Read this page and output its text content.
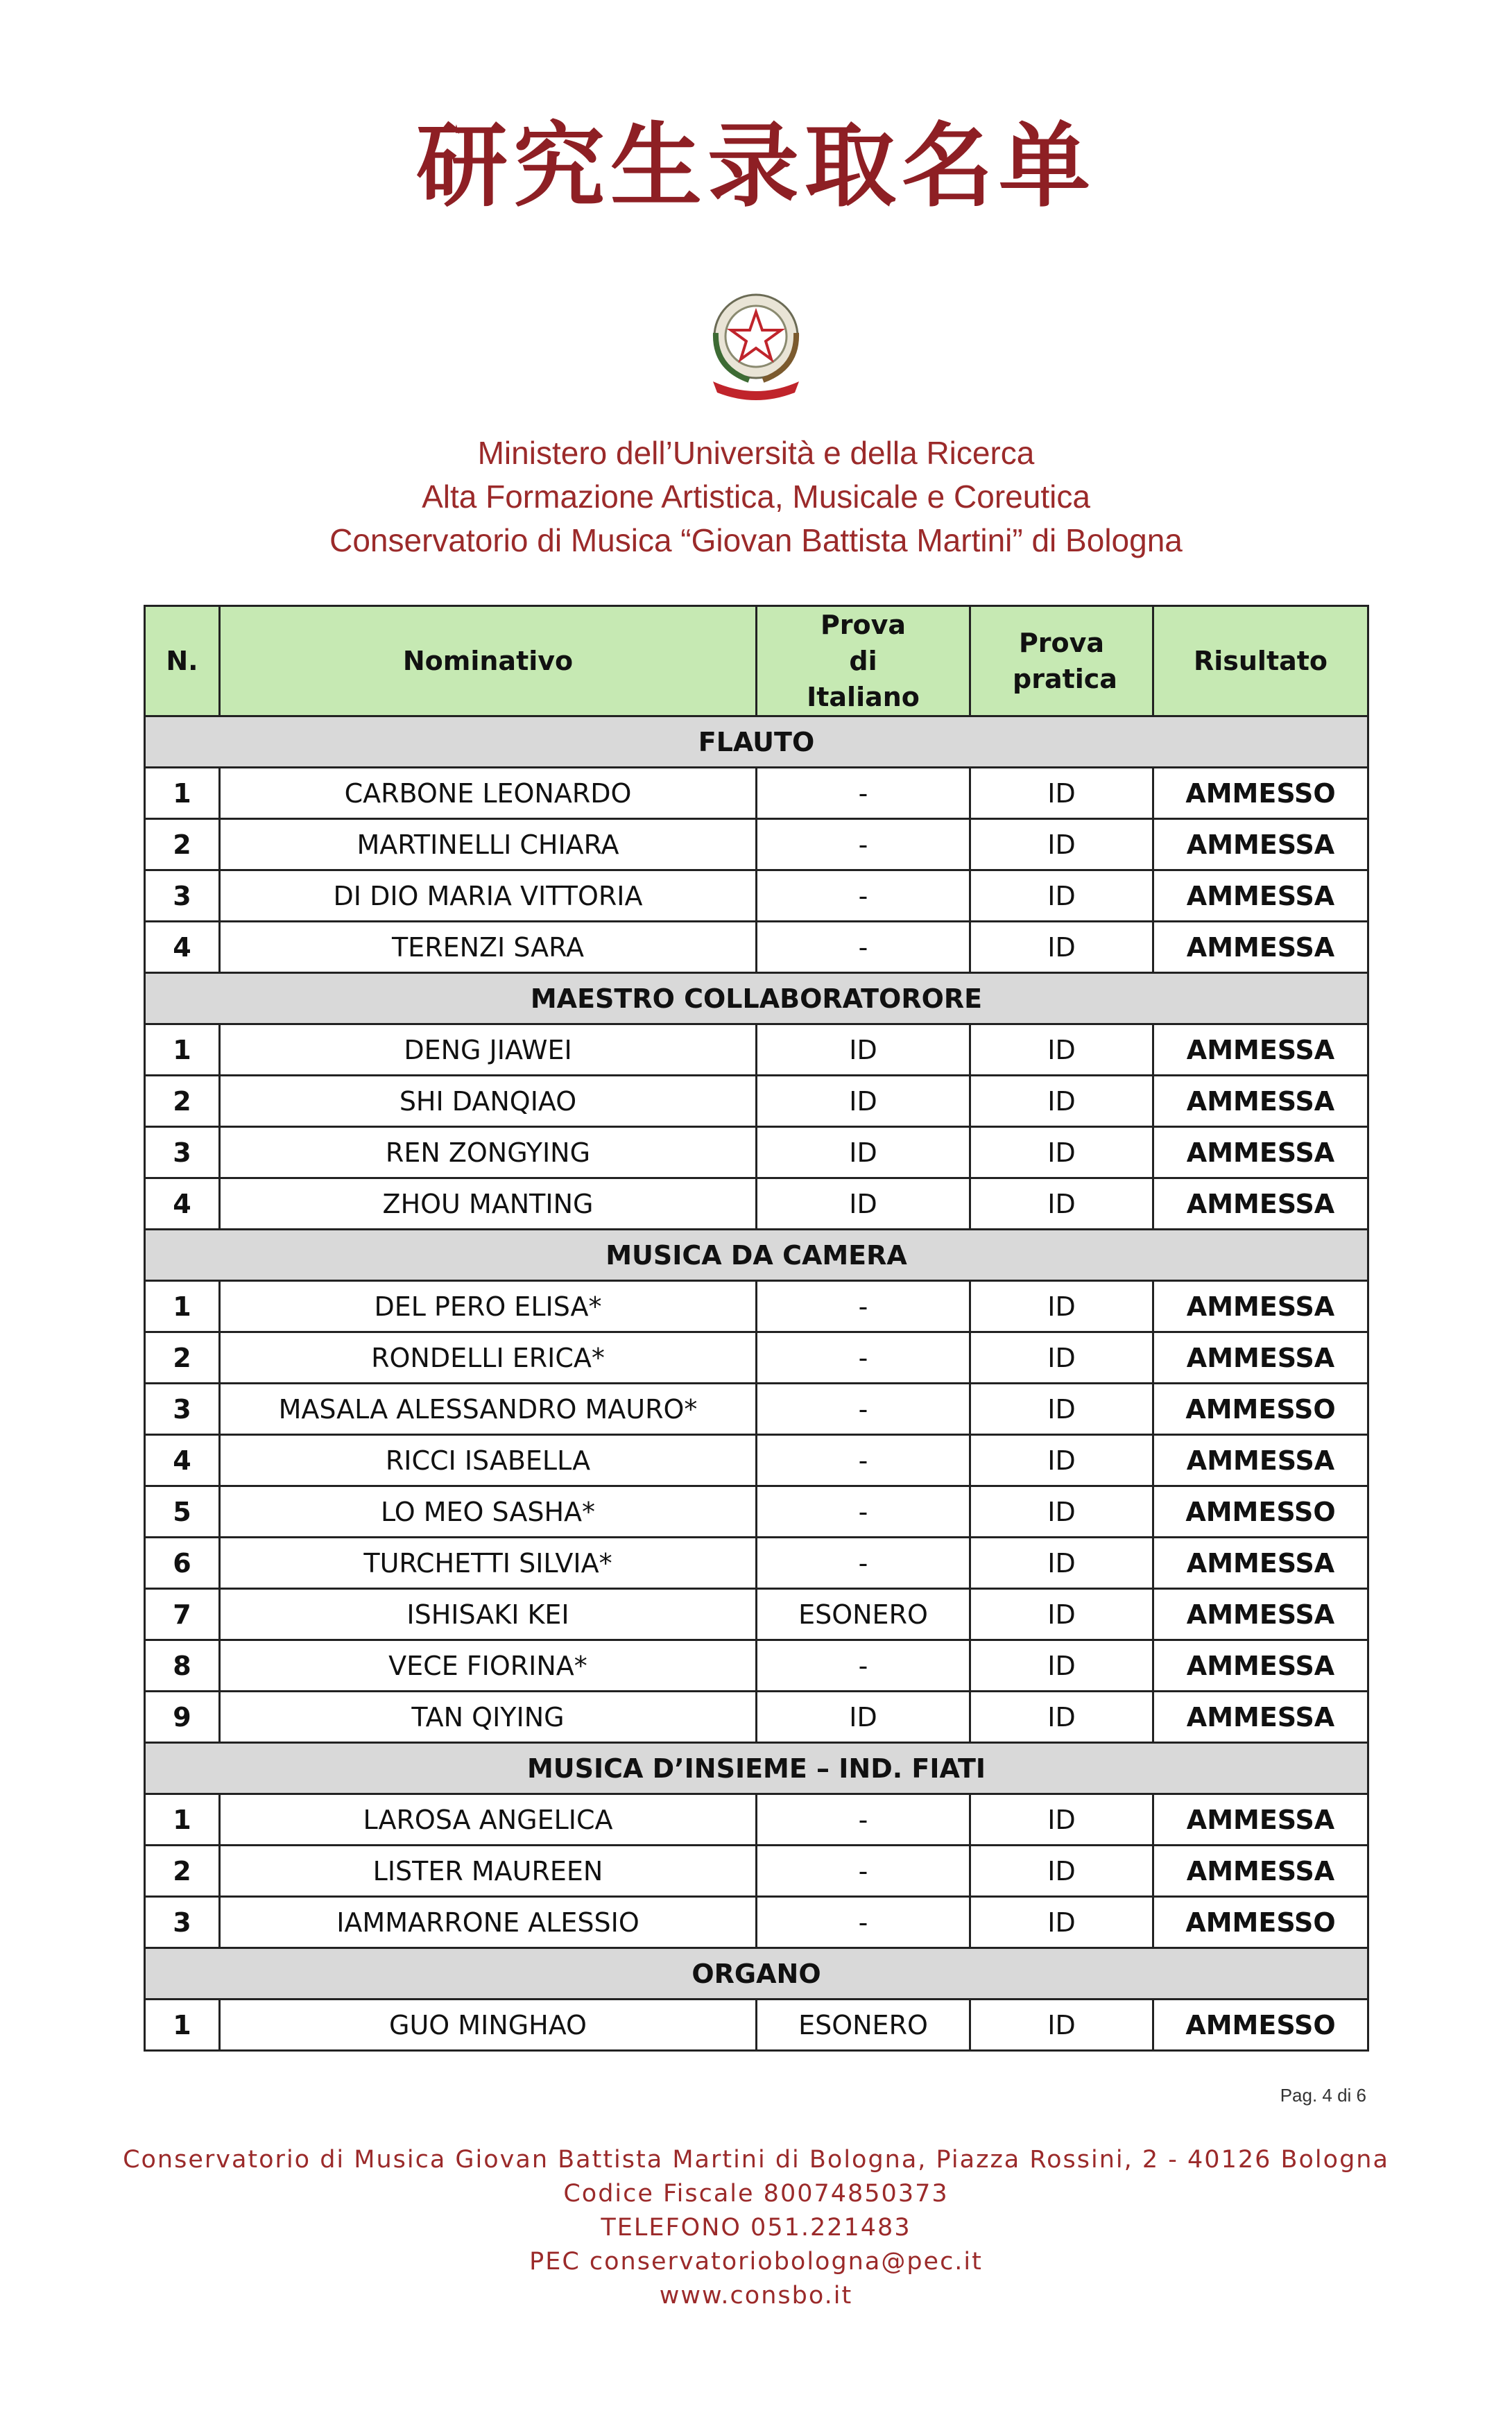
研究生录取名单
Ministero dell’Università e della Ricerca
Alta Formazione Artistica, Musicale e Coreutica
Conservatorio di Musica “Giovan Battista Martini” di Bologna
N.	Nominativo	Prova di Italiano	Prova pratica	Risultato
FLAUTO				
1	CARBONE LEONARDO	-	ID	AMMESSO
2	MARTINELLI CHIARA	-	ID	AMMESSA
3	DI DIO MARIA VITTORIA	-	ID	AMMESSA
4	TERENZI SARA	-	ID	AMMESSA
MAESTRO COLLABORATORORE				
1	DENG JIAWEI	ID	ID	AMMESSA
2	SHI DANQIAO	ID	ID	AMMESSA
3	REN ZONGYING	ID	ID	AMMESSA
4	ZHOU MANTING	ID	ID	AMMESSA
MUSICA DA CAMERA				
1	DEL PERO ELISA*	-	ID	AMMESSA
2	RONDELLI ERICA*	-	ID	AMMESSA
3	MASALA ALESSANDRO MAURO*	-	ID	AMMESSO
4	RICCI ISABELLA	-	ID	AMMESSA
5	LO MEO SASHA*	-	ID	AMMESSO
6	TURCHETTI SILVIA*	-	ID	AMMESSA
7	ISHISAKI KEI	ESONERO	ID	AMMESSA
8	VECE FIORINA*	-	ID	AMMESSA
9	TAN QIYING	ID	ID	AMMESSA
MUSICA D’INSIEME – IND. FIATI				
1	LAROSA ANGELICA	-	ID	AMMESSA
2	LISTER MAUREEN	-	ID	AMMESSA
3	IAMMARRONE ALESSIO	-	ID	AMMESSO
ORGANO				
1	GUO MINGHAO	ESONERO	ID	AMMESSO
Pag. 4 di 6
Conservatorio di Musica Giovan Battista Martini di Bologna, Piazza Rossini, 2 - 40126 Bologna
Codice Fiscale 80074850373
TELEFONO 051.221483
PEC conservatoriobologna@pec.it
www.consbo.it
